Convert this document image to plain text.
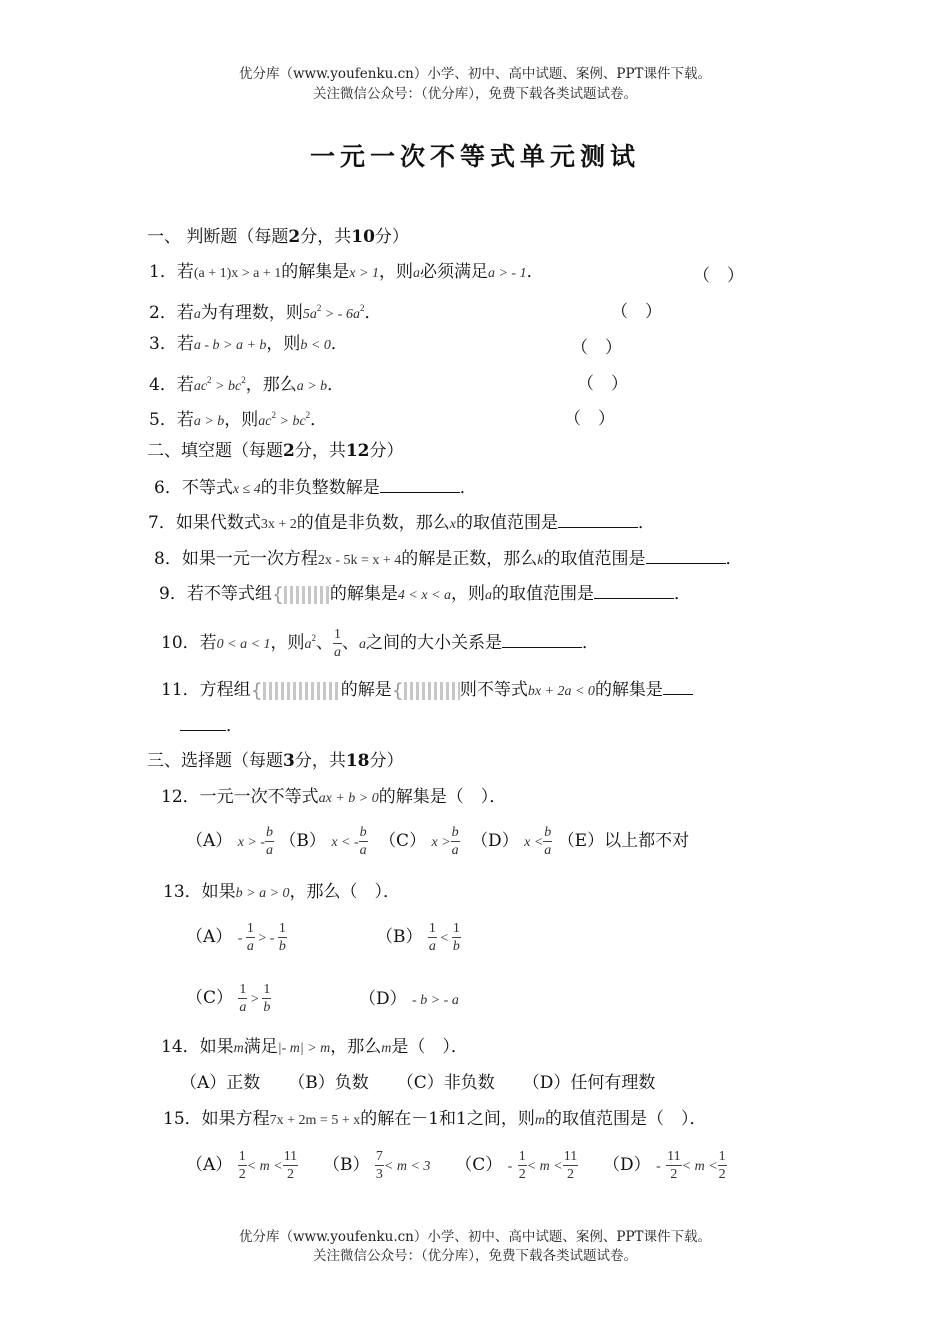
优分库（www.youfenku.cn）小学、初中、高中试题、案例、PPT课件下载。
关注微信公众号：（优分库），免费下载各类试题试卷。
一元一次不等式单元测试
一、 判断题（每题2分，共10分）
1．若(a + 1)x > a + 1的解集是x > 1，则a必须满足a > - 1．	（　）
2．若a为有理数，则$5a^2$ > - $6a^2$．	（　）
3．若a - b > a + b，则b < 0．	（　）
4．若$ac^2 > bc^2$，那么a > b．	（　）
5．若a > b，则$ac^2 > bc^2$．	（　）
二、填空题（每题2分，共12分）
6．不等式x ≤ 4的非负整数解是	．
7．如果代数式3x + 2的值是非负数，那么x的取值范围是	．
8．如果一元一次方程2x - 5k = x + 4的解是正数，那么k的取值范围是	．
9．若不等式组{	的解集是4 < x < a，则a的取值范围是	．
10．若0 < a < 1，则$a^2$、 $\frac{1}{a}$ 、a之间的大小关系是	．
11．方程组{	的解是{	则不等式bx + 2a < 0的解集是
．
三、选择题（每题3分，共18分）
12．一元一次不等式ax + b > 0的解集是（　）．
（A） x > - $\frac{b}{a} (B) x$ < - $\frac{b}{a} (C) x > \frac{b}{a} (D) x < \frac{b}{a} (E)$以上都不对
13．如果b > a > 0，那么（　）．
$(A) - \frac{1}{a}$ > - $\frac{1}{b}$	$(B) \frac{1}{a} < \frac{1}{b}$
$(C) \frac{1}{a} > \frac{1}{b}$	（D） - b > - a
14．如果m满足|- m| > m，那么m是（　）．
（A）正数 （B）负数 （C）非负数 （D）任何有理数
15．如果方程7x + 2m = 5 + x的解在－1和1之间，则m的取值范围是（　）．
$(A) \frac{1}{2} < m < \frac{11}{2} (B) \frac{7}{3} < m < 3$ $(C) - \frac{1}{2} < m < \frac{11}{2} (D) - \frac{11}{2} < m < \frac{1}{2}$
优分库（www.youfenku.cn）小学、初中、高中试题、案例、PPT课件下载。
关注微信公众号：（优分库），免费下载各类试题试卷。
